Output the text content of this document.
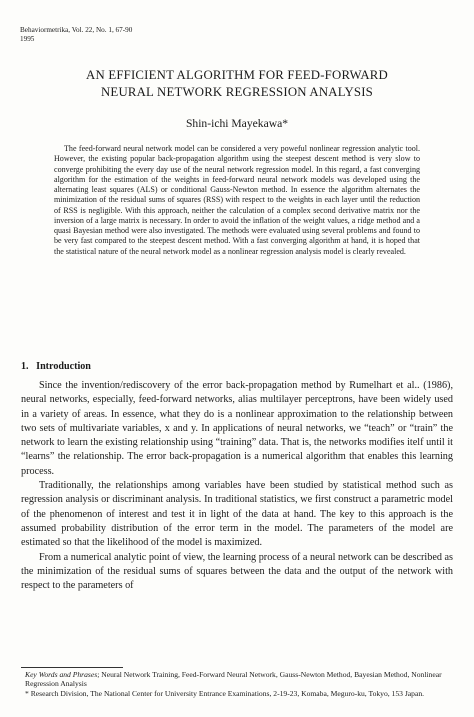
Behaviormetrika, Vol. 22, No. 1, 67-90
1995
AN EFFICIENT ALGORITHM FOR FEED-FORWARD
NEURAL NETWORK REGRESSION ANALYSIS
Shin-ichi Mayekawa*

The feed-forward neural network model can be considered a very poweful nonlinear regression analytic tool. However, the existing popular back-propagation algorithm using the steepest descent method is very slow to converge prohibiting the every day use of the neural network regression model. In this regard, a fast converging algorithm for the estimation of the weights in feed-forward neural network models was developed using the alternating least squares (ALS) or conditional Gauss-Newton method. In essence the algorithm alternates the minimization of the residual sums of squares (RSS) with respect to the weights in each layer until the reduction of RSS is negligible. With this approach, neither the calculation of a complex second derivative matrix nor the inversion of a large matrix is necessary. In order to avoid the inflation of the weight values, a ridge method and a quasi Bayesian method were also investigated. The methods were evaluated using several problems and found to be very fast compared to the steepest descent method. With a fast converging algorithm at hand, it is hoped that the statistical nature of the neural network model as a nonlinear regression analysis model is clearly revealed.

1.  Introduction

Since the invention/rediscovery of the error back-propagation method by Rumelhart et al.. (1986), neural networks, especially, feed-forward networks, alias multilayer perceptrons, have been widely used in a variety of areas. In essence, what they do is a nonlinear approximation to the relationship between two sets of multivariate variables, x and y. In applications of neural networks, we “teach” or “train” the network to learn the existing relationship using “training” data. That is, the networks modifies itelf until it “learns” the relationship. The error back-propagation is a numerical algorithm that enables this learning process.

Traditionally, the relationships among variables have been studied by statistical method such as regression analysis or discriminant analysis. In traditional statistics, we first construct a parametric model of the phenomenon of interest and test it in light of the data at hand. The key to this approach is the assumed probability distribution of the error term in the model. The parameters of the model are estimated so that the likelihood of the model is maximized.

From a numerical analytic point of view, the learning process of a neural network can be described as the minimization of the residual sums of squares between the data and the output of the network with respect to the parameters of

Key Words and Phrases; Neural Network Training, Feed-Forward Neural Network, Gauss-Newton Method, Bayesian Method, Nonlinear Regression Analysis

* Research Division, The National Center for University Entrance Examinations, 2-19-23, Komaba, Meguro-ku, Tokyo, 153 Japan.
